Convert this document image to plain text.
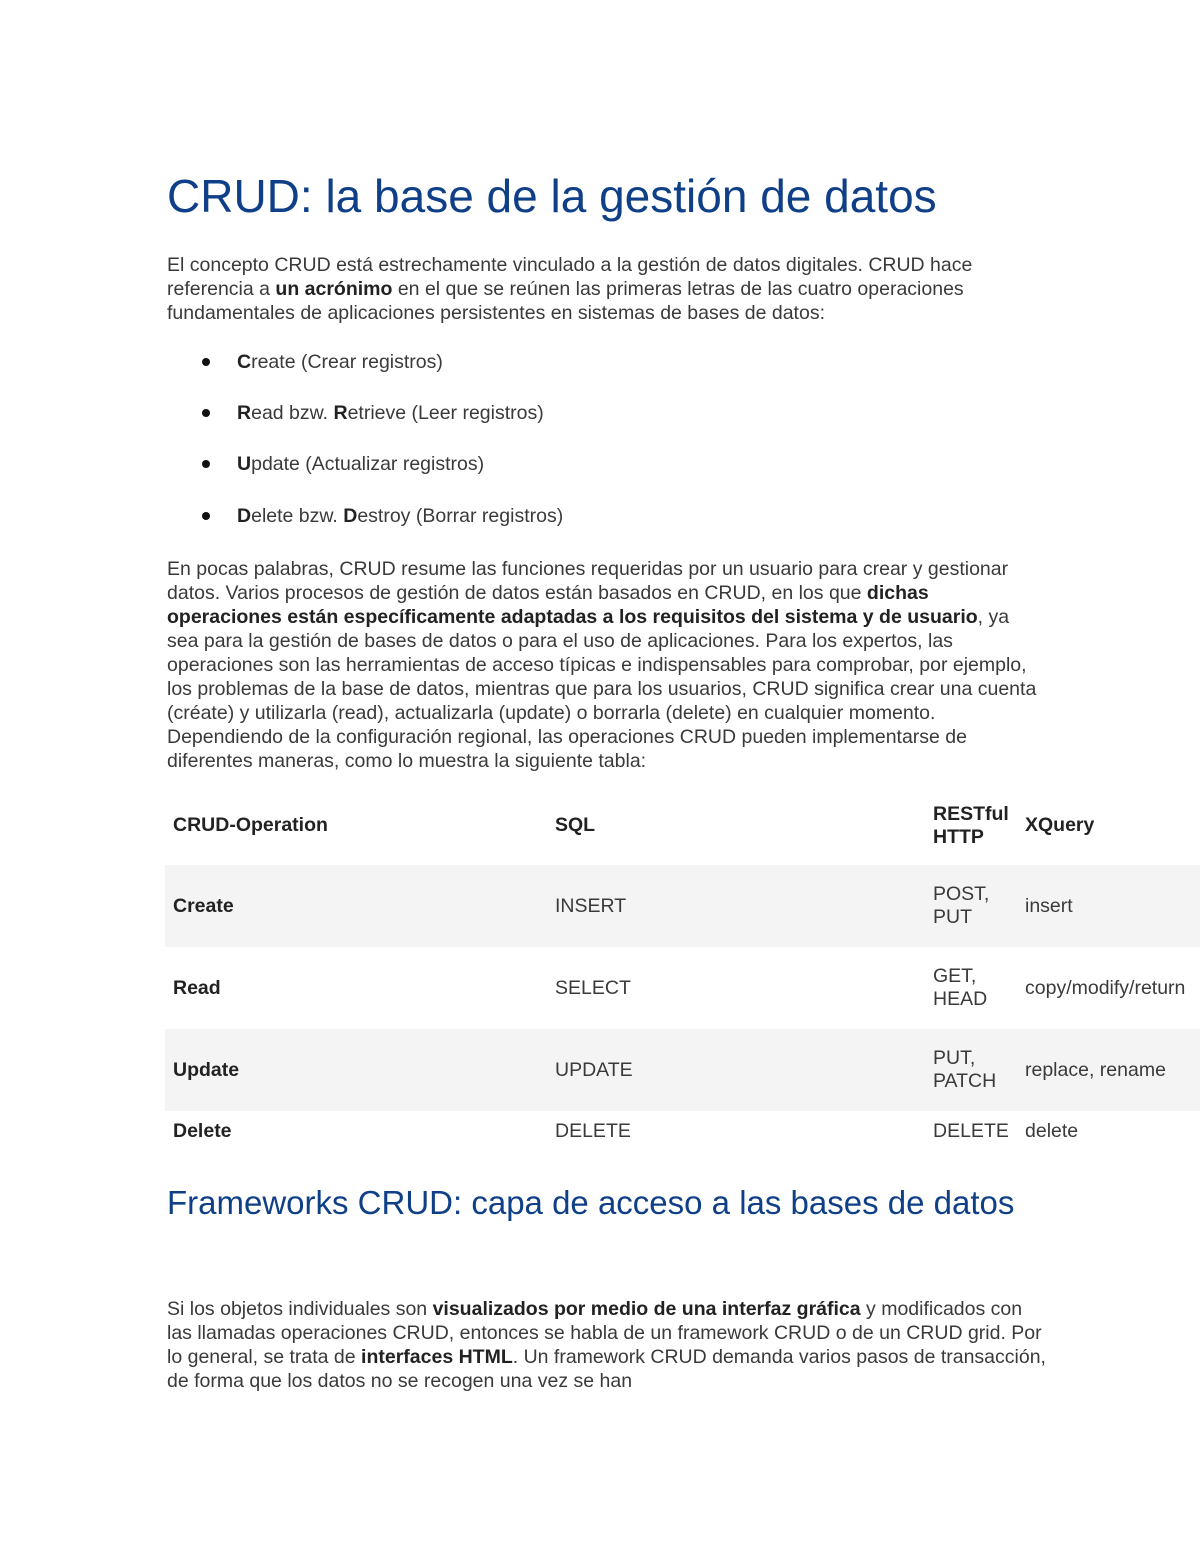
CRUD: la base de la gestión de datos

El concepto CRUD está estrechamente vinculado a la gestión de datos digitales. CRUD hace referencia a un acrónimo en el que se reúnen las primeras letras de las cuatro operaciones fundamentales de aplicaciones persistentes en sistemas de bases de datos:

Create (Crear registros)
Read bzw. Retrieve (Leer registros)
Update (Actualizar registros)
Delete bzw. Destroy (Borrar registros)

En pocas palabras, CRUD resume las funciones requeridas por un usuario para crear y gestionar datos. Varios procesos de gestión de datos están basados en CRUD, en los que dichas operaciones están específicamente adaptadas a los requisitos del sistema y de usuario, ya sea para la gestión de bases de datos o para el uso de aplicaciones. Para los expertos, las operaciones son las herramientas de acceso típicas e indispensables para comprobar, por ejemplo, los problemas de la base de datos, mientras que para los usuarios, CRUD significa crear una cuenta (créate) y utilizarla (read), actualizarla (update) o borrarla (delete) en cualquier momento. Dependiendo de la configuración regional, las operaciones CRUD pueden implementarse de diferentes maneras, como lo muestra la siguiente tabla:

CRUD-Operation	SQL	RESTful HTTP	XQuery
Create	INSERT	POST, PUT	insert
Read	SELECT	GET, HEAD	copy/modify/return
Update	UPDATE	PUT, PATCH	replace, rename
Delete	DELETE	DELETE	delete
Frameworks CRUD: capa de acceso a las bases de datos

Si los objetos individuales son visualizados por medio de una interfaz gráfica y modificados con las llamadas operaciones CRUD, entonces se habla de un framework CRUD o de un CRUD grid. Por lo general, se trata de interfaces HTML. Un framework CRUD demanda varios pasos de transacción, de forma que los datos no se recogen una vez se han
